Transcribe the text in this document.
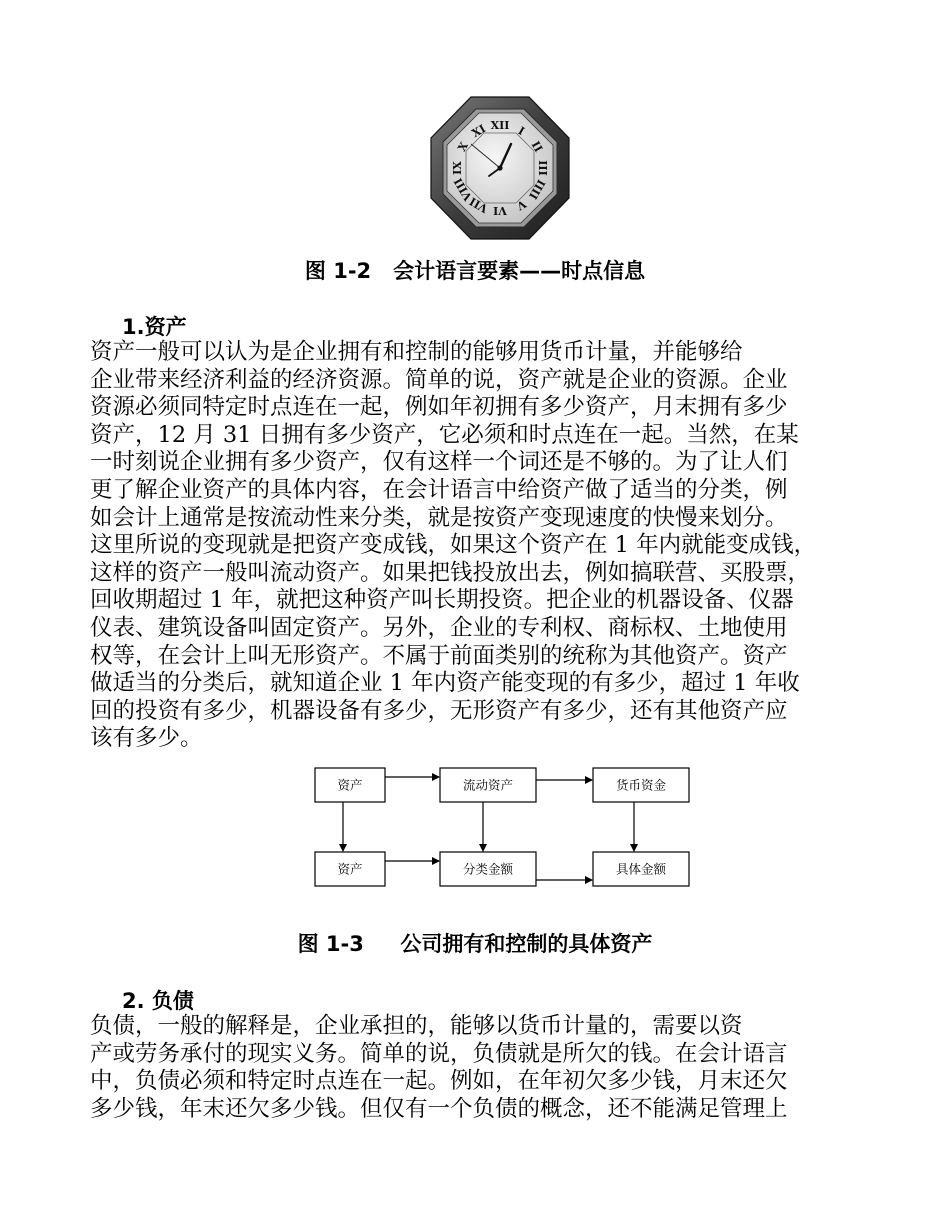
XII I
II
III
IIII
V
VI
VII
VIII
IX
X
XI
图 1-2   会计语言要素——时点信息
1.资产
资产一般可以认为是企业拥有和控制的能够用货币计量，并能够给
企业带来经济利益的经济资源。简单的说，资产就是企业的资源。企业
资源必须同特定时点连在一起，例如年初拥有多少资产，月末拥有多少
资产，12 月 31 日拥有多少资产，它必须和时点连在一起。当然，在某
一时刻说企业拥有多少资产，仅有这样一个词还是不够的。为了让人们
更了解企业资产的具体内容，在会计语言中给资产做了适当的分类，例
如会计上通常是按流动性来分类，就是按资产变现速度的快慢来划分。
这里所说的变现就是把资产变成钱，如果这个资产在 1 年内就能变成钱，
这样的资产一般叫流动资产。如果把钱投放出去，例如搞联营、买股票，
回收期超过 1 年，就把这种资产叫长期投资。把企业的机器设备、仪器
仪表、建筑设备叫固定资产。另外，企业的专利权、商标权、土地使用
权等，在会计上叫无形资产。不属于前面类别的统称为其他资产。资产
做适当的分类后，就知道企业 1 年内资产能变现的有多少，超过 1 年收
回的投资有多少，机器设备有多少，无形资产有多少，还有其他资产应
该有多少。
资产	流动资产	货币资金
资产	分类金额	具体金额
图 1-3     公司拥有和控制的具体资产
2. 负债
负债，一般的解释是，企业承担的，能够以货币计量的，需要以资
产或劳务承付的现实义务。简单的说，负债就是所欠的钱。在会计语言
中，负债必须和特定时点连在一起。例如，在年初欠多少钱，月末还欠
多少钱，年末还欠多少钱。但仅有一个负债的概念，还不能满足管理上
